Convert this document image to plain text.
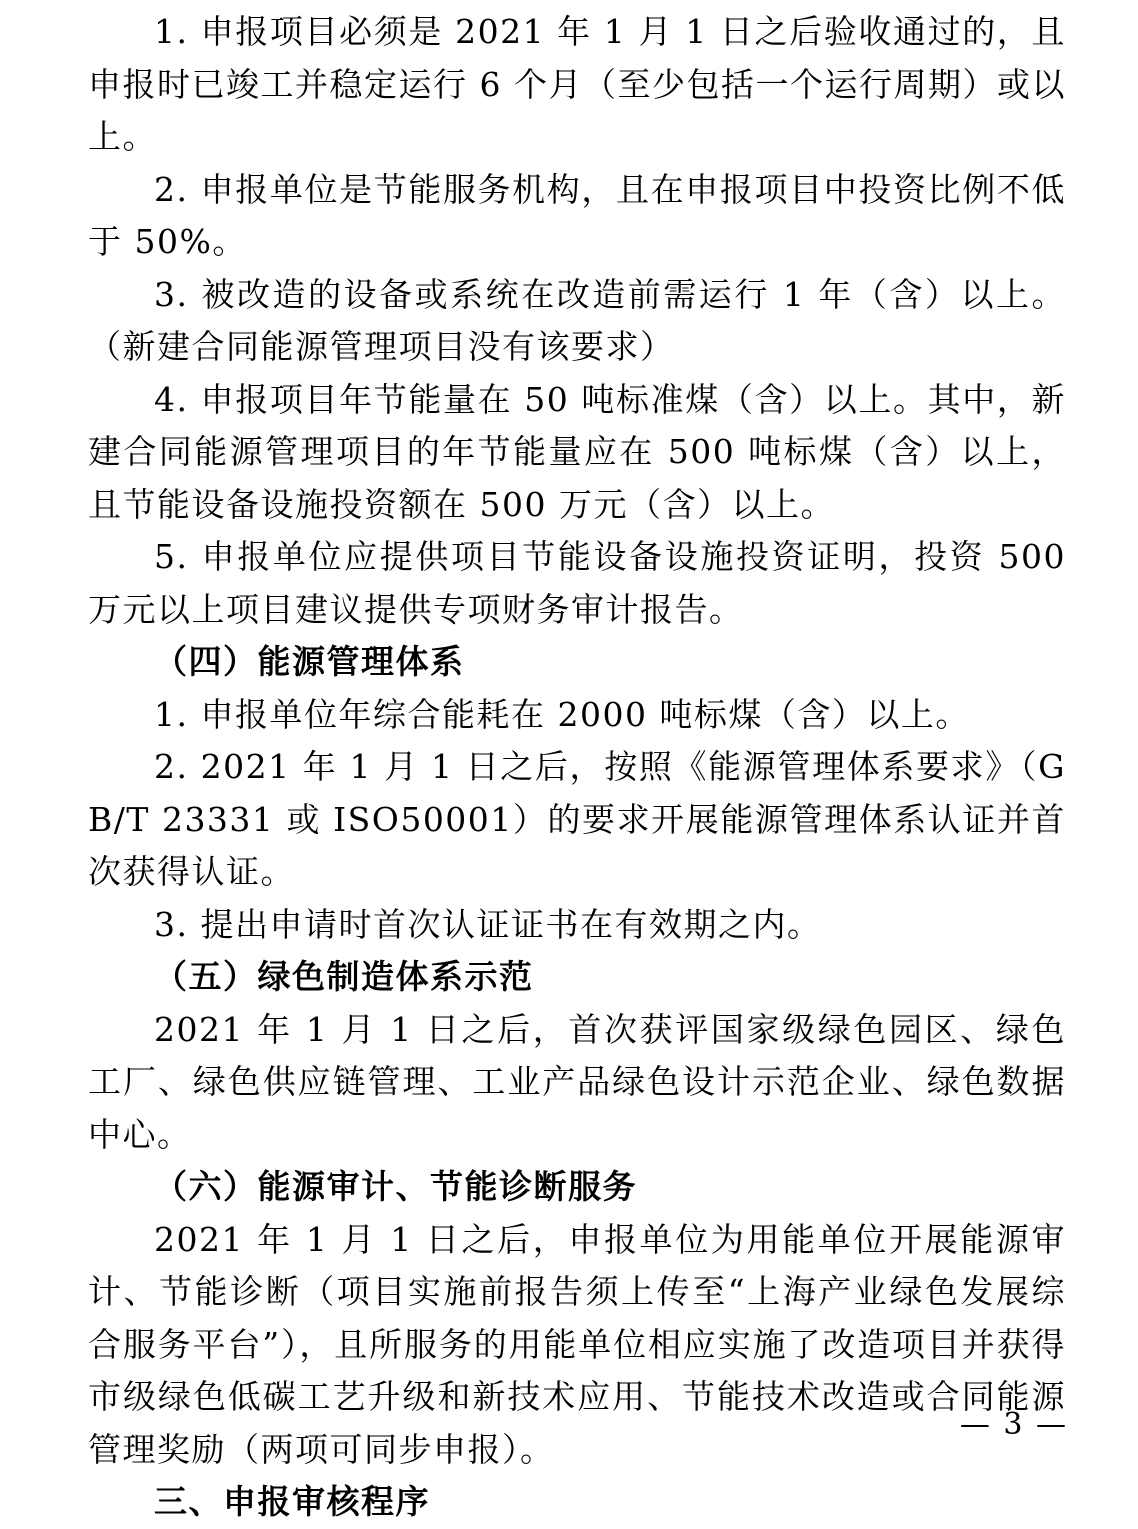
1. 申报项目必须是 2021 年 1 月 1 日之后验收通过的，且申报时已竣工并稳定运行 6 个月（至少包括一个运行周期）或以上。

2. 申报单位是节能服务机构，且在申报项目中投资比例不低于 50%。

3. 被改造的设备或系统在改造前需运行 1 年（含）以上。（新建合同能源管理项目没有该要求）

4. 申报项目年节能量在 50 吨标准煤（含）以上。其中，新建合同能源管理项目的年节能量应在 500 吨标煤（含）以上，且节能设备设施投资额在 500 万元（含）以上。

5. 申报单位应提供项目节能设备设施投资证明，投资 500 万元以上项目建议提供专项财务审计报告。

（四）能源管理体系

1. 申报单位年综合能耗在 2000 吨标煤（含）以上。

2. 2021 年 1 月 1 日之后，按照《能源管理体系要求》（GB/T 23331 或 ISO50001）的要求开展能源管理体系认证并首次获得认证。

3. 提出申请时首次认证证书在有效期之内。

（五）绿色制造体系示范

2021 年 1 月 1 日之后，首次获评国家级绿色园区、绿色工厂、绿色供应链管理、工业产品绿色设计示范企业、绿色数据中心。

（六）能源审计、节能诊断服务

2021 年 1 月 1 日之后，申报单位为用能单位开展能源审计、节能诊断（项目实施前报告须上传至“上海产业绿色发展综合服务平台”），且所服务的用能单位相应实施了改造项目并获得市级绿色低碳工艺升级和新技术应用、节能技术改造或合同能源管理奖励（两项可同步申报）。

三、申报审核程序

— 3 —
